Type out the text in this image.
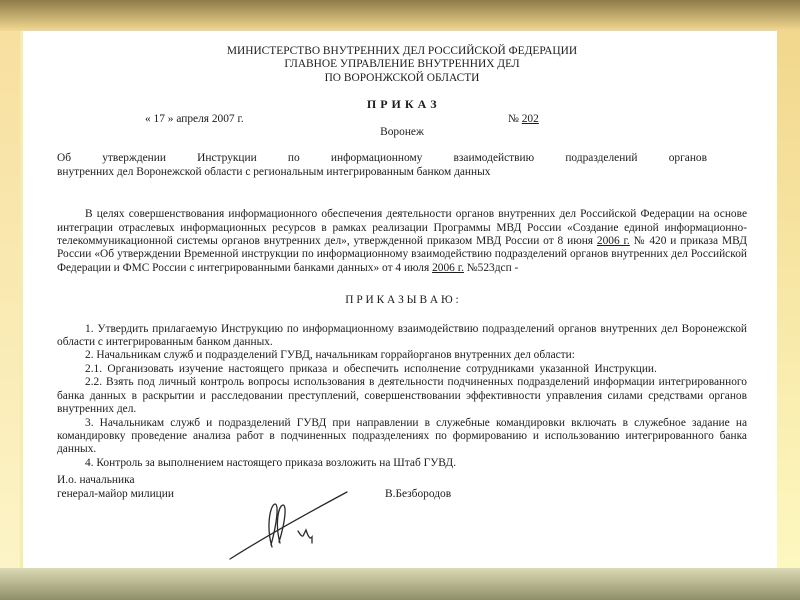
МИНИСТЕРСТВО ВНУТРЕННИХ ДЕЛ РОССИЙСКОЙ ФЕДЕРАЦИИ

ГЛАВНОЕ УПРАВЛЕНИЕ ВНУТРЕННИХ ДЕЛ

ПО ВОРОНЖСКОЙ ОБЛАСТИ

П Р И К А З

« 17 » апреля 2007 г.	№ 202

Воронеж

Об утверждении Инструкции по информационному взаимодействию подразделений органов
внутренних дел Воронежской области с региональным интегрированным банком данных

В целях совершенствования информационного обеспечения деятельности органов внутренних дел Российской Федерации на основе интеграции отраслевых информационных ресурсов в рамках реализации Программы МВД России «Создание единой информационно-телекоммуникационной системы органов внутренних дел», утвержденной приказом МВД России от 8 июня 2006 г. № 420 и приказа МВД России «Об утверждении Временной инструкции по информационному взаимодействию подразделений органов внутренних дел Российской Федерации и ФМС России с интегрированными банками данных» от 4 июля 2006 г. №523дсп -

П Р И К А З Ы В А Ю :

1. Утвердить прилагаемую Инструкцию по информационному взаимодействию подразделений органов внутренних дел Воронежской области с интегрированным банком данных.

2. Начальникам служб и подразделений ГУВД, начальникам горрайорганов внутренних дел области:

2.1. Организовать изучение настоящего приказа и обеспечить исполнение сотрудниками указанной Инструкции.

2.2. Взять под личный контроль вопросы использования в деятельности подчиненных подразделений информации интегрированного банка данных в раскрытии и расследовании преступлений, совершенствовании эффективности управления силами средствами органов внутренних дел.

3. Начальникам служб и подразделений ГУВД при направлении в служебные командировки включать в служебное задание на командировку проведение анализа работ в подчиненных подразделениях по формированию и использованию интегрированного банка данных.

4. Контроль за выполнением настоящего приказа возложить на Штаб ГУВД.

И.о. начальника

генерал-майор милиции	В.Безбородов
